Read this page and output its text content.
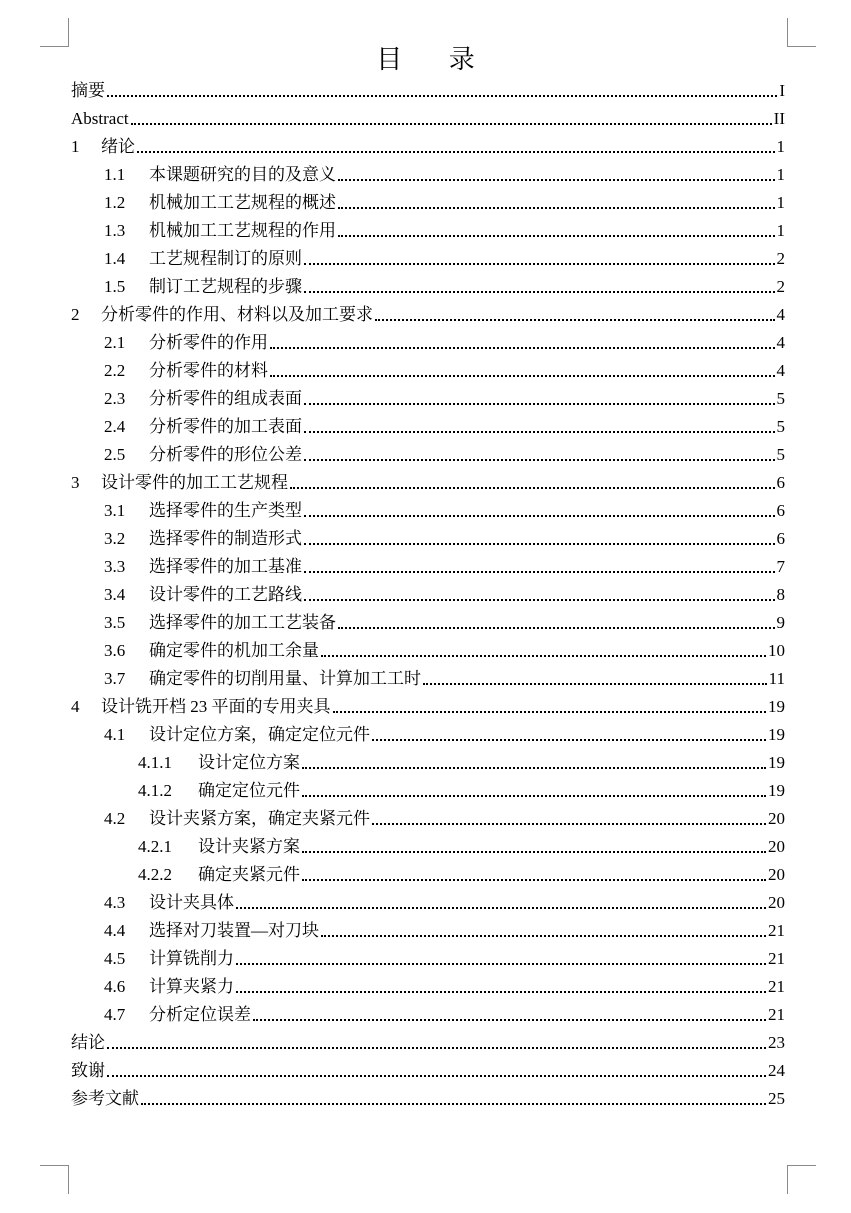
目 录
摘要	I
Abstract	II
1	绪论	1
1.1	本课题研究的目的及意义	1
1.2	机械加工工艺规程的概述	1
1.3	机械加工工艺规程的作用	1
1.4	工艺规程制订的原则	2
1.5	制订工艺规程的步骤	2
2	分析零件的作用、材料以及加工要求	4
2.1	分析零件的作用	4
2.2	分析零件的材料	4
2.3	分析零件的组成表面	5
2.4	分析零件的加工表面	5
2.5	分析零件的形位公差	5
3	设计零件的加工工艺规程	6
3.1	选择零件的生产类型	6
3.2	选择零件的制造形式	6
3.3	选择零件的加工基准	7
3.4	设计零件的工艺路线	8
3.5	选择零件的加工工艺装备	9
3.6	确定零件的机加工余量	10
3.7	确定零件的切削用量、计算加工工时	11
4	设计铣开档 23 平面的专用夹具	19
4.1	设计定位方案，确定定位元件	19
4.1.1	设计定位方案	19
4.1.2	确定定位元件	19
4.2	设计夹紧方案，确定夹紧元件	20
4.2.1	设计夹紧方案	20
4.2.2	确定夹紧元件	20
4.3	设计夹具体	20
4.4	选择对刀装置—对刀块	21
4.5	计算铣削力	21
4.6	计算夹紧力	21
4.7	分析定位误差	21
结论	23
致谢	24
参考文献	25
